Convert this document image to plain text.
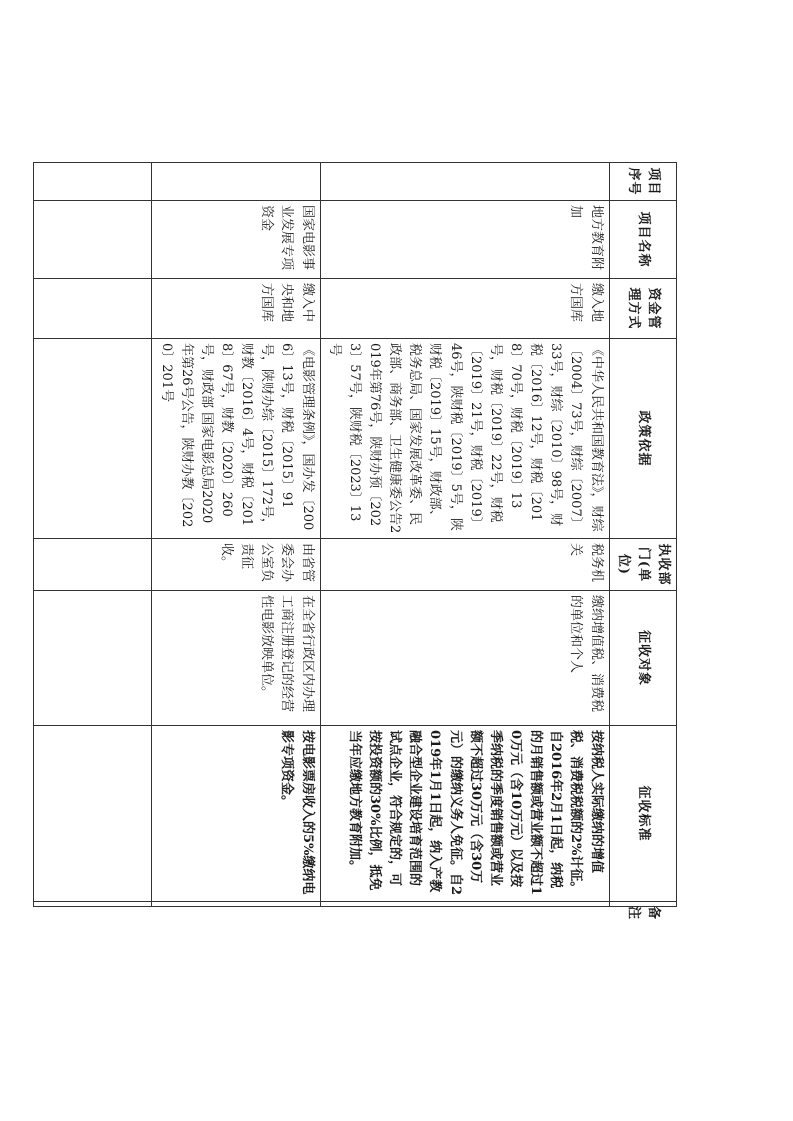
项目序号	项目名称	资金管理方式	政策依据	执收部门(单位)	征收对象	征收标准	备　注
	地方教育附加	缴入地方国库	《中华人民共和国教育法》，财综〔2004〕73号，财综〔2007〕33号，财综〔2010〕98号，财税〔2016〕12号，财税〔2018〕70号，财税〔2019〕13号，财税〔2019〕22号，财税〔2019〕21号，财税〔2019〕46号，陕财税〔2019〕5号，陕财税〔2019〕15号，财政部、税务总局、国家发展改革委、民政部、商务部、卫生健康委公告2019年第76号，陕财办预〔2023〕57号，陕财税〔2023〕13号	税务机关	缴纳增值税、消费税的单位和个人	按纳税人实际缴纳的增值税、消费税税额的2%计征。自2016年2月1日起，纳税的月销售额或营业额不超过10万元（含10万元）以及按季纳税的季度销售额或营业额不超过30万元（含30万元）的缴纳义务人免征。自2019年1月1日起，纳入产教融合型企业建设培育范围的试点企业，符合规定的，可按投资额的30%比例，抵免当年应缴地方教育附加。	
	国家电影事业发展专项资金	缴入中央和地方国库	《电影管理条例》，国办发〔2006〕13号，财税〔2015〕91号，陕财办综〔2015〕172号，财教〔2016〕4号，财税〔2018〕67号，财教〔2020〕260号，财政部 国家电影总局2020年第26号公告，陕财办教〔2020〕201号	由省管委会办公室负责征收。	在全省行政区内办理工商注册登记的经营性电影放映单位。	按电影票房收入的5%缴纳电影专项资金。	
